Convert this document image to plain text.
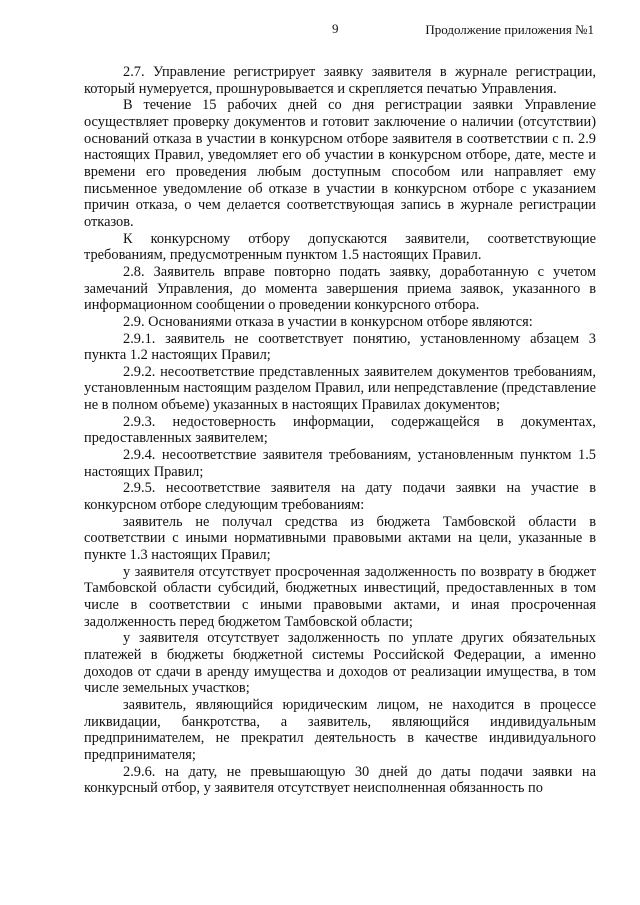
9	Продолжение приложения №1

2.7. Управление регистрирует заявку заявителя в журнале регистрации, который нумеруется, прошнуровывается и скрепляется печатью Управления.

В течение 15 рабочих дней со дня регистрации заявки Управление осуществляет проверку документов и готовит заключение о наличии (отсутствии) оснований отказа в участии в конкурсном отборе заявителя в соответствии с п. 2.9 настоящих Правил, уведомляет его об участии в конкурсном отборе, дате, месте и времени его проведения любым доступным способом или направляет ему письменное уведомление об отказе в участии в конкурсном отборе с указанием причин отказа, о чем делается соответствующая запись в журнале регистрации отказов.

К конкурсному отбору допускаются заявители, соответствующие требованиям, предусмотренным пунктом 1.5 настоящих Правил.

2.8. Заявитель вправе повторно подать заявку, доработанную с учетом замечаний Управления, до момента завершения приема заявок, указанного в информационном сообщении о проведении конкурсного отбора.

2.9. Основаниями отказа в участии в конкурсном отборе являются:

2.9.1. заявитель не соответствует понятию, установленному абзацем 3 пункта 1.2 настоящих Правил;

2.9.2. несоответствие представленных заявителем документов требованиям, установленным настоящим разделом Правил, или непредставление (представление не в полном объеме) указанных в настоящих Правилах документов;

2.9.3. недостоверность информации, содержащейся в документах, предоставленных заявителем;

2.9.4. несоответствие заявителя требованиям, установленным пунктом 1.5 настоящих Правил;

2.9.5. несоответствие заявителя на дату подачи заявки на участие в конкурсном отборе следующим требованиям:

заявитель не получал средства из бюджета Тамбовской области в соответствии с иными нормативными правовыми актами на цели, указанные в пункте 1.3 настоящих Правил;

у заявителя отсутствует просроченная задолженность по возврату в бюджет Тамбовской области субсидий, бюджетных инвестиций, предоставленных в том числе в соответствии с иными правовыми актами, и иная просроченная задолженность перед бюджетом Тамбовской области;

у заявителя отсутствует задолженность по уплате других обязательных платежей в бюджеты бюджетной системы Российской Федерации, а именно доходов от сдачи в аренду имущества и доходов от реализации имущества, в том числе земельных участков;

заявитель, являющийся юридическим лицом, не находится в процессе ликвидации, банкротства, а заявитель, являющийся индивидуальным предпринимателем, не прекратил деятельность в качестве индивидуального предпринимателя;

2.9.6. на дату, не превышающую 30 дней до даты подачи заявки на конкурсный отбор, у заявителя отсутствует неисполненная обязанность по
